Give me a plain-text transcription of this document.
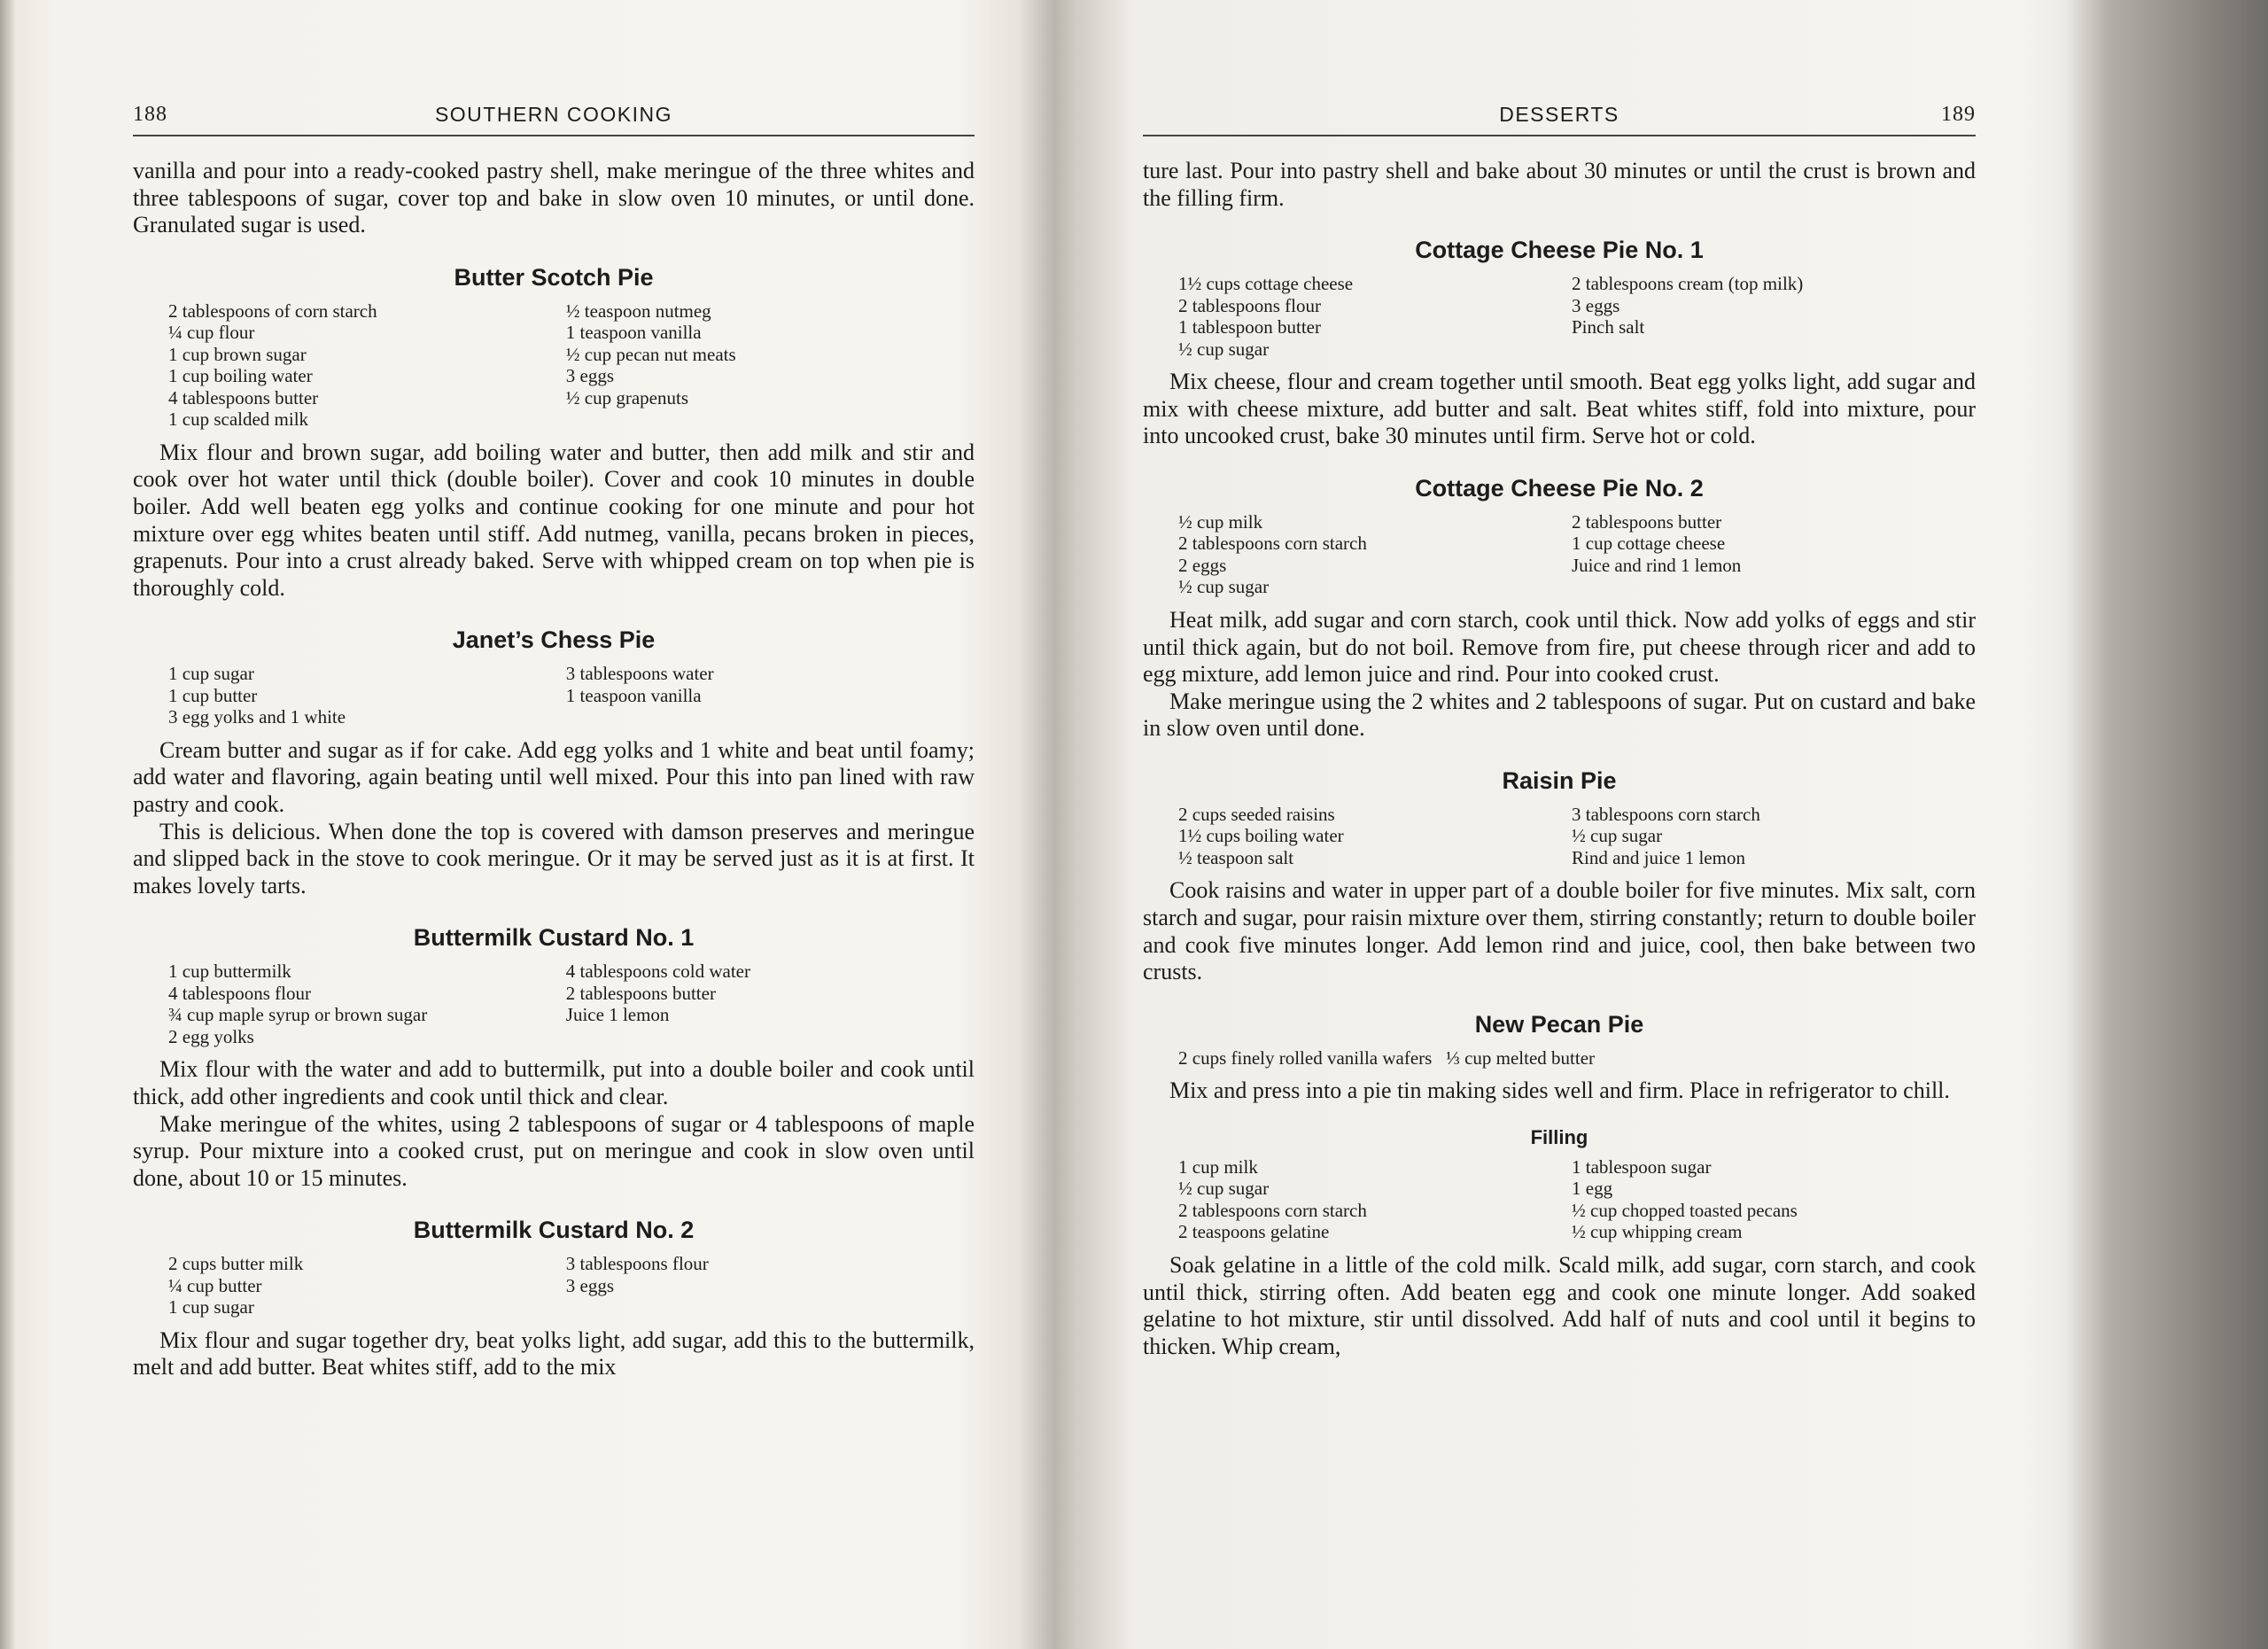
188	SOUTHERN COOKING

vanilla and pour into a ready-cooked pastry shell, make meringue of the three whites and three tablespoons of sugar, cover top and bake in slow oven 10 minutes, or until done. Granulated sugar is used.

Butter Scotch Pie
2 tablespoons of corn starch
¼ cup flour
1 cup brown sugar
1 cup boiling water
4 tablespoons butter
1 cup scalded milk
½ teaspoon nutmeg
1 teaspoon vanilla
½ cup pecan nut meats
3 eggs
½ cup grapenuts

Mix flour and brown sugar, add boiling water and butter, then add milk and stir and cook over hot water until thick (double boiler). Cover and cook 10 minutes in double boiler. Add well beaten egg yolks and continue cooking for one minute and pour hot mixture over egg whites beaten until stiff. Add nutmeg, vanilla, pecans broken in pieces, grapenuts. Pour into a crust already baked. Serve with whipped cream on top when pie is thoroughly cold.

Janet’s Chess Pie
1 cup sugar
1 cup butter
3 egg yolks and 1 white
3 tablespoons water
1 teaspoon vanilla

Cream butter and sugar as if for cake. Add egg yolks and 1 white and beat until foamy; add water and flavoring, again beating until well mixed. Pour this into pan lined with raw pastry and cook.

This is delicious. When done the top is covered with damson preserves and meringue and slipped back in the stove to cook meringue. Or it may be served just as it is at first. It makes lovely tarts.

Buttermilk Custard No. 1
1 cup buttermilk
4 tablespoons flour
¾ cup maple syrup or brown sugar
2 egg yolks
4 tablespoons cold water
2 tablespoons butter
Juice 1 lemon

Mix flour with the water and add to buttermilk, put into a double boiler and cook until thick, add other ingredients and cook until thick and clear.

Make meringue of the whites, using 2 tablespoons of sugar or 4 tablespoons of maple syrup. Pour mixture into a cooked crust, put on meringue and cook in slow oven until done, about 10 or 15 minutes.

Buttermilk Custard No. 2
2 cups butter milk
¼ cup butter
1 cup sugar
3 tablespoons flour
3 eggs

Mix flour and sugar together dry, beat yolks light, add sugar, add this to the buttermilk, melt and add butter. Beat whites stiff, add to the mix

DESSERTS	189

ture last. Pour into pastry shell and bake about 30 minutes or until the crust is brown and the filling firm.

Cottage Cheese Pie No. 1
1½ cups cottage cheese
2 tablespoons flour
1 tablespoon butter
½ cup sugar
2 tablespoons cream (top milk)
3 eggs
Pinch salt

Mix cheese, flour and cream together until smooth. Beat egg yolks light, add sugar and mix with cheese mixture, add butter and salt. Beat whites stiff, fold into mixture, pour into uncooked crust, bake 30 minutes until firm. Serve hot or cold.

Cottage Cheese Pie No. 2
½ cup milk
2 tablespoons corn starch
2 eggs
½ cup sugar
2 tablespoons butter
1 cup cottage cheese
Juice and rind 1 lemon

Heat milk, add sugar and corn starch, cook until thick. Now add yolks of eggs and stir until thick again, but do not boil. Remove from fire, put cheese through ricer and add to egg mixture, add lemon juice and rind. Pour into cooked crust.

Make meringue using the 2 whites and 2 tablespoons of sugar. Put on custard and bake in slow oven until done.

Raisin Pie
2 cups seeded raisins
1½ cups boiling water
½ teaspoon salt
3 tablespoons corn starch
½ cup sugar
Rind and juice 1 lemon

Cook raisins and water in upper part of a double boiler for five minutes. Mix salt, corn starch and sugar, pour raisin mixture over them, stirring constantly; return to double boiler and cook five minutes longer. Add lemon rind and juice, cool, then bake between two crusts.

New Pecan Pie
2 cups finely rolled vanilla wafers   ⅓ cup melted butter

Mix and press into a pie tin making sides well and firm. Place in refrigerator to chill.

Filling
1 cup milk
½ cup sugar
2 tablespoons corn starch
2 teaspoons gelatine
1 tablespoon sugar
1 egg
½ cup chopped toasted pecans
½ cup whipping cream

Soak gelatine in a little of the cold milk. Scald milk, add sugar, corn starch, and cook until thick, stirring often. Add beaten egg and cook one minute longer. Add soaked gelatine to hot mixture, stir until dissolved. Add half of nuts and cool until it begins to thicken. Whip cream,
